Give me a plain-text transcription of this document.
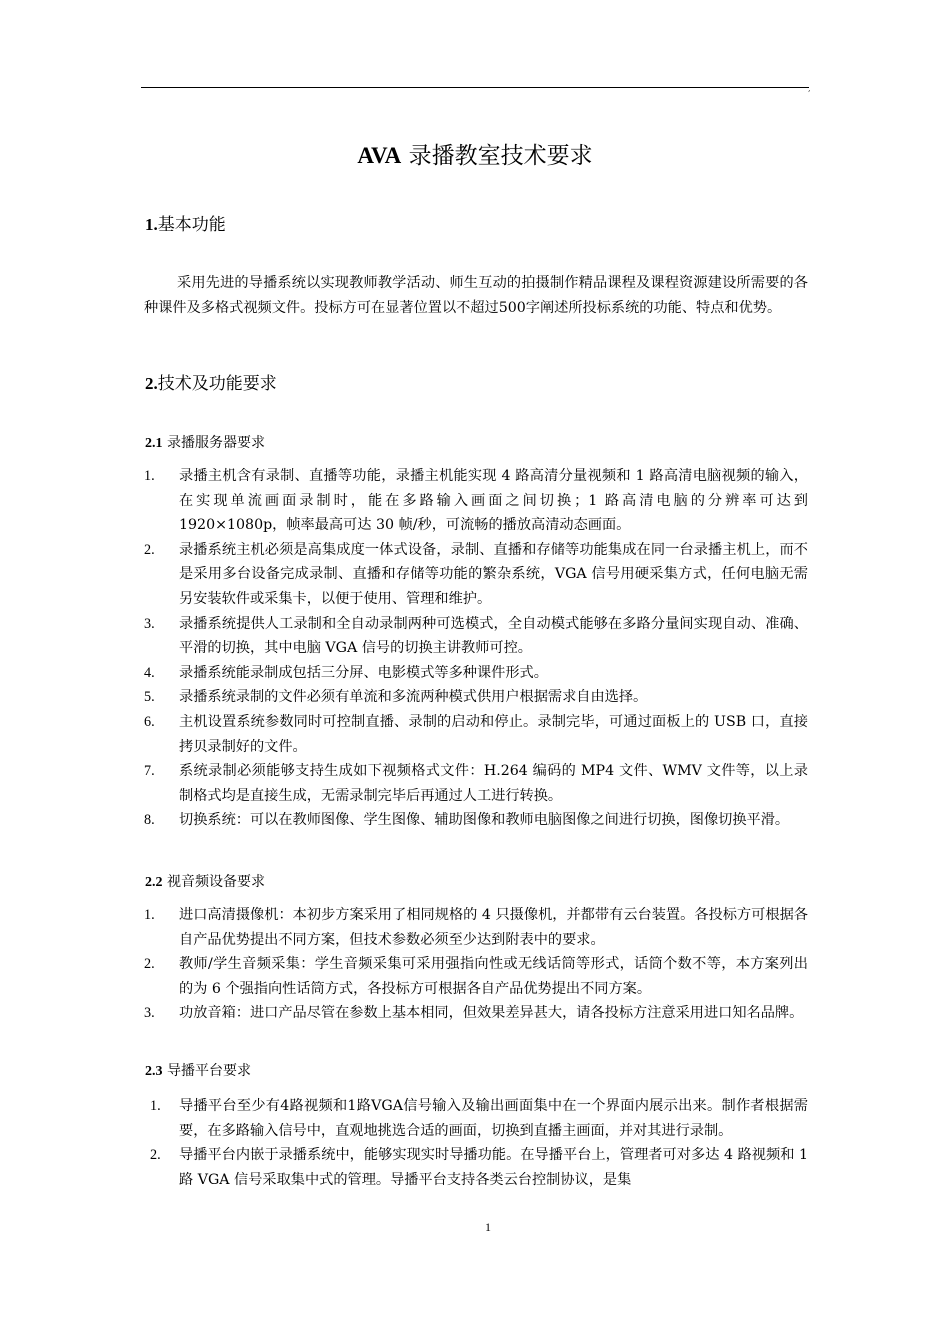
,
AVA 录播教室技术要求
1.基本功能
采用先进的导播系统以实现教师教学活动、师生互动的拍摄制作精品课程及课程资源建设所需要的各种课件及多格式视频文件。投标方可在显著位置以不超过500字阐述所投标系统的功能、特点和优势。
2.技术及功能要求
2.1 录播服务器要求
1. 录播主机含有录制、直播等功能，录播主机能实现 4 路高清分量视频和 1 路高清电脑视频的输入，在实现单流画面录制时，能在多路输入画面之间切换；1 路高清电脑的分辨率可达到 1920×1080p，帧率最高可达 30 帧/秒，可流畅的播放高清动态画面。
2. 录播系统主机必须是高集成度一体式设备，录制、直播和存储等功能集成在同一台录播主机上，而不是采用多台设备完成录制、直播和存储等功能的繁杂系统，VGA 信号用硬采集方式，任何电脑无需另安装软件或采集卡，以便于使用、管理和维护。
3. 录播系统提供人工录制和全自动录制两种可选模式，全自动模式能够在多路分量间实现自动、准确、平滑的切换，其中电脑 VGA 信号的切换主讲教师可控。
4. 录播系统能录制成包括三分屏、电影模式等多种课件形式。
5. 录播系统录制的文件必须有单流和多流两种模式供用户根据需求自由选择。
6. 主机设置系统参数同时可控制直播、录制的启动和停止。录制完毕，可通过面板上的 USB 口，直接拷贝录制好的文件。
7. 系统录制必须能够支持生成如下视频格式文件：H.264 编码的 MP4 文件、WMV 文件等，以上录制格式均是直接生成，无需录制完毕后再通过人工进行转换。
8. 切换系统：可以在教师图像、学生图像、辅助图像和教师电脑图像之间进行切换，图像切换平滑。
2.2 视音频设备要求
1. 进口高清摄像机：本初步方案采用了相同规格的 4 只摄像机，并都带有云台装置。各投标方可根据各自产品优势提出不同方案，但技术参数必须至少达到附表中的要求。
2. 教师/学生音频采集：学生音频采集可采用强指向性或无线话筒等形式，话筒个数不等，本方案列出的为 6 个强指向性话筒方式，各投标方可根据各自产品优势提出不同方案。
3. 功放音箱：进口产品尽管在参数上基本相同，但效果差异甚大，请各投标方注意采用进口知名品牌。
2.3 导播平台要求
1. 导播平台至少有4路视频和1路VGA信号输入及输出画面集中在一个界面内展示出来。制作者根据需要，在多路输入信号中，直观地挑选合适的画面，切换到直播主画面，并对其进行录制。
2. 导播平台内嵌于录播系统中，能够实现实时导播功能。在导播平台上，管理者可对多达 4 路视频和 1 路 VGA 信号采取集中式的管理。导播平台支持各类云台控制协议，是集
1
